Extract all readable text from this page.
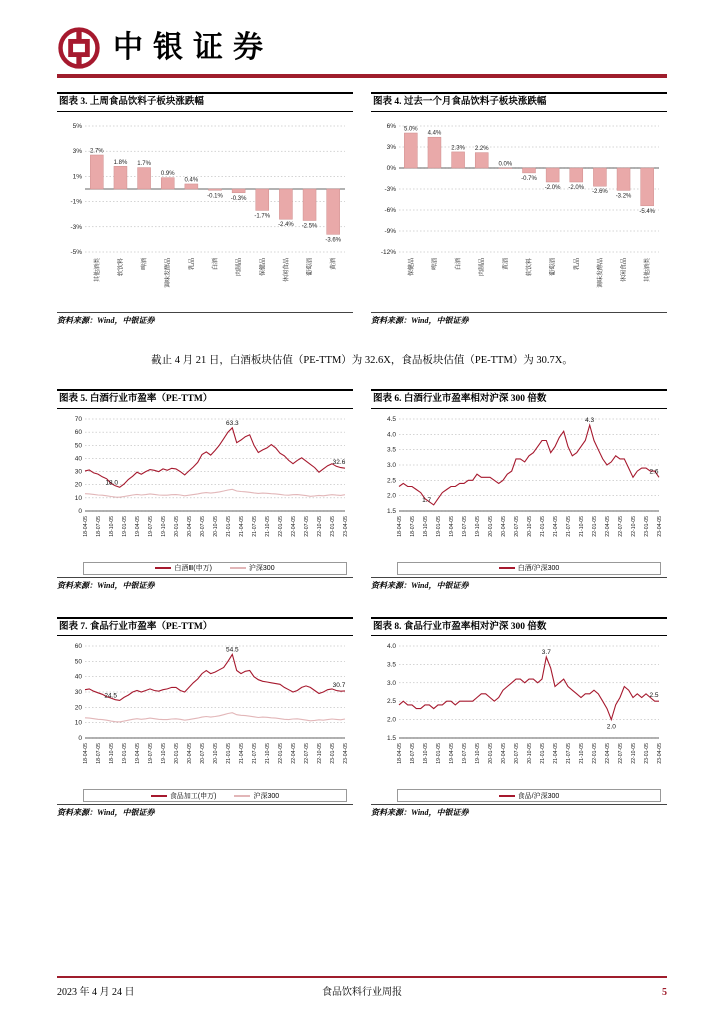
中银证券
图表 3. 上周食品饮料子板块涨跌幅
5%
3%
1%
-1%
-3%
-5%
2.7%
其他酒类
1.8%
软饮料
1.7%
啤酒
0.9%
调味发酵品
0.4%
乳品
-0.1%
白酒
-0.3%
肉制品
-1.7%
保健品
-2.4%
休闲食品
-2.5%
葡萄酒
-3.6%
黄酒
资料来源：Wind，中银证券
图表 4. 过去一个月食品饮料子板块涨跌幅
6%
3%
0%
-3%
-6%
-9%
-12%
5.0%
保健品
4.4%
啤酒
2.3%
白酒
2.2%
肉制品
0.0%
黄酒
-0.7%
软饮料
-2.0%
葡萄酒
-2.0%
乳品
-2.6%
调味发酵品
-3.2%
休闲食品
-5.4%
其他酒类
资料来源：Wind，中银证券

截止 4 月 21 日，白酒板块估值（PE-TTM）为 32.6X，食品板块估值（PE-TTM）为 30.7X。

图表 5. 白酒行业市盈率（PE-TTM）
0
10
20
30
40
50
60
70
18-04-05 18-07-05 18-10-05 19-01-05 19-04-05 19-07-05 19-10-05 20-01-05 20-04-05 20-07-05 20-10-05 21-01-05 21-04-05 21-07-05 21-10-05 22-01-05 22-04-05 22-07-05 22-10-05 23-01-05 23-04-05
18.0
63.3
32.6
白酒Ⅲ(申万)	沪深300
资料来源：Wind，中银证券
图表 6. 白酒行业市盈率相对沪深 300 倍数
1.5
2.0
2.5
3.0
3.5
4.0
4.5
18-04-05 18-07-05 18-10-05 19-01-05 19-04-05 19-07-05 19-10-05 20-01-05 20-04-05 20-07-05 20-10-05 21-01-05 21-04-05 21-07-05 21-10-05 22-01-05 22-04-05 22-07-05 22-10-05 23-01-05 23-04-05
1.7
4.3
2.6
白酒/沪深300
资料来源：Wind，中银证券
图表 7. 食品行业市盈率（PE-TTM）
0
10
20
30
40
50
60
18-04-05 18-07-05 18-10-05 19-01-05 19-04-05 19-07-05 19-10-05 20-01-05 20-04-05 20-07-05 20-10-05 21-01-05 21-04-05 21-07-05 21-10-05 22-01-05 22-04-05 22-07-05 22-10-05 23-01-05 23-04-05
24.5
54.5
30.7
食品加工(申万)	沪深300
资料来源：Wind，中银证券
图表 8. 食品行业市盈率相对沪深 300 倍数
1.5
2.0
2.5
3.0
3.5
4.0
18-04-05 18-07-05 18-10-05 19-01-05 19-04-05 19-07-05 19-10-05 20-01-05 20-04-05 20-07-05 20-10-05 21-01-05 21-04-05 21-07-05 21-10-05 22-01-05 22-04-05 22-07-05 22-10-05 23-01-05 23-04-05
3.7
2.0
2.5
食品/沪深300
资料来源：Wind，中银证券
2023 年 4 月 24 日	食品饮料行业周报	5
